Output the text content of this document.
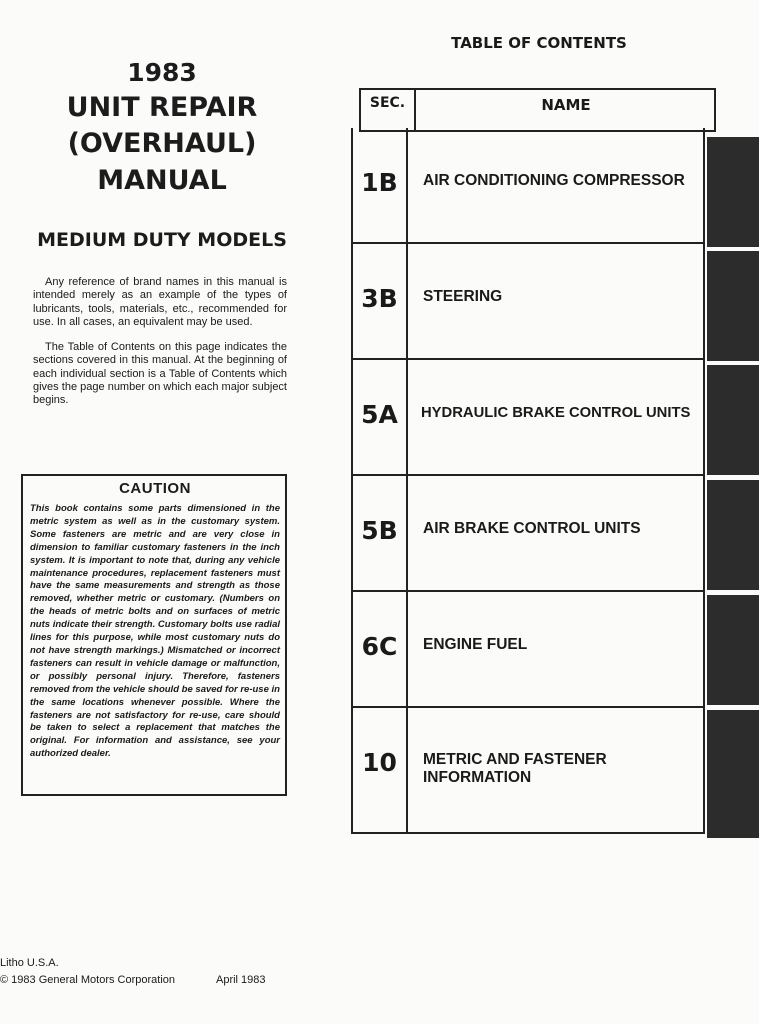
1983
UNIT REPAIR
(OVERHAUL)
MANUAL
MEDIUM DUTY MODELS

Any reference of brand names in this manual is intended merely as an example of the types of lubricants, tools, materials, etc., recommended for use. In all cases, an equivalent may be used.

The Table of Contents on this page indicates the sections covered in this manual. At the beginning of each individual section is a Table of Contents which gives the page number on which each major subject begins.

CAUTION
This book contains some parts dimensioned in the metric system as well as in the customary system. Some fasteners are metric and are very close in dimension to familiar customary fasteners in the inch system. It is important to note that, during any vehicle maintenance procedures, replacement fasteners must have the same measurements and strength as those removed, whether metric or customary. (Numbers on the heads of metric bolts and on surfaces of metric nuts indicate their strength. Customary bolts use radial lines for this purpose, while most customary nuts do not have strength markings.) Mismatched or incorrect fasteners can result in vehicle damage or malfunction, or possibly personal injury. Therefore, fasteners removed from the vehicle should be saved for re-use in the same locations whenever possible. Where the fasteners are not satisfactory for re-use, care should be taken to select a replacement that matches the original. For information and assistance, see your authorized dealer.
TABLE OF CONTENTS
SEC.	NAME
1B	AIR CONDITIONING COMPRESSOR
3B	STEERING
5A	HYDRAULIC BRAKE CONTROL UNITS
5B	AIR BRAKE CONTROL UNITS
6C	ENGINE FUEL
10	METRIC AND FASTENER INFORMATION
Litho U.S.A.
© 1983 General Motors Corporation	April 1983
